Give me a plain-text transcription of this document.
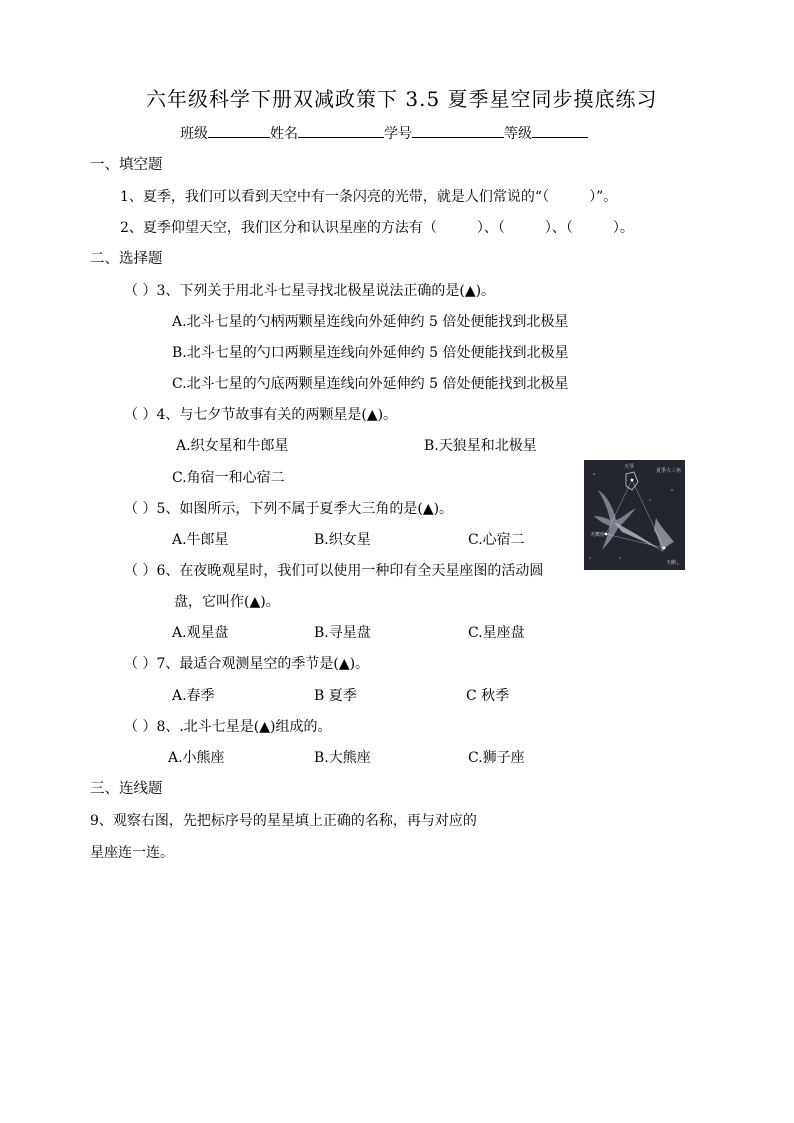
六年级科学下册双减政策下 3.5 夏季星空同步摸底练习
班级	姓名	学号	等级
一、填空题
1、夏季，我们可以看到天空中有一条闪亮的光带，就是人们常说的“（	）”。
2、夏季仰望天空，我们区分和认识星座的方法有（	）、（	）、（	）。
二、选择题
（ ）3、下列关于用北斗七星寻找北极星说法正确的是(▲)。
A.北斗七星的勺柄两颗星连线向外延伸约 5 倍处便能找到北极星
B.北斗七星的勺口两颗星连线向外延伸约 5 倍处便能找到北极星
C.北斗七星的勺底两颗星连线向外延伸约 5 倍处便能找到北极星
（ ）4、与七夕节故事有关的两颗星是(▲)。
A.织女星和牛郎星	B.天狼星和北极星
C.角宿一和心宿二
天琴
夏季大三角
天鹰座
天鹅
（ ）5、如图所示，下列不属于夏季大三角的是(▲)。
A.牛郎星	B.织女星	C.心宿二
（ ）6、在夜晚观星时，我们可以使用一种印有全天星座图的活动圆
盘，它叫作(▲)。
A.观星盘	B.寻星盘	C.星座盘
（ ）7、最适合观测星空的季节是(▲)。
A.春季	B 夏季	C 秋季
（ ）8、.北斗七星是(▲)组成的。
A.小熊座	B.大熊座	C.狮子座
三、连线题
9、观察右图，先把标序号的星星填上正确的名称，再与对应的
星座连一连。
